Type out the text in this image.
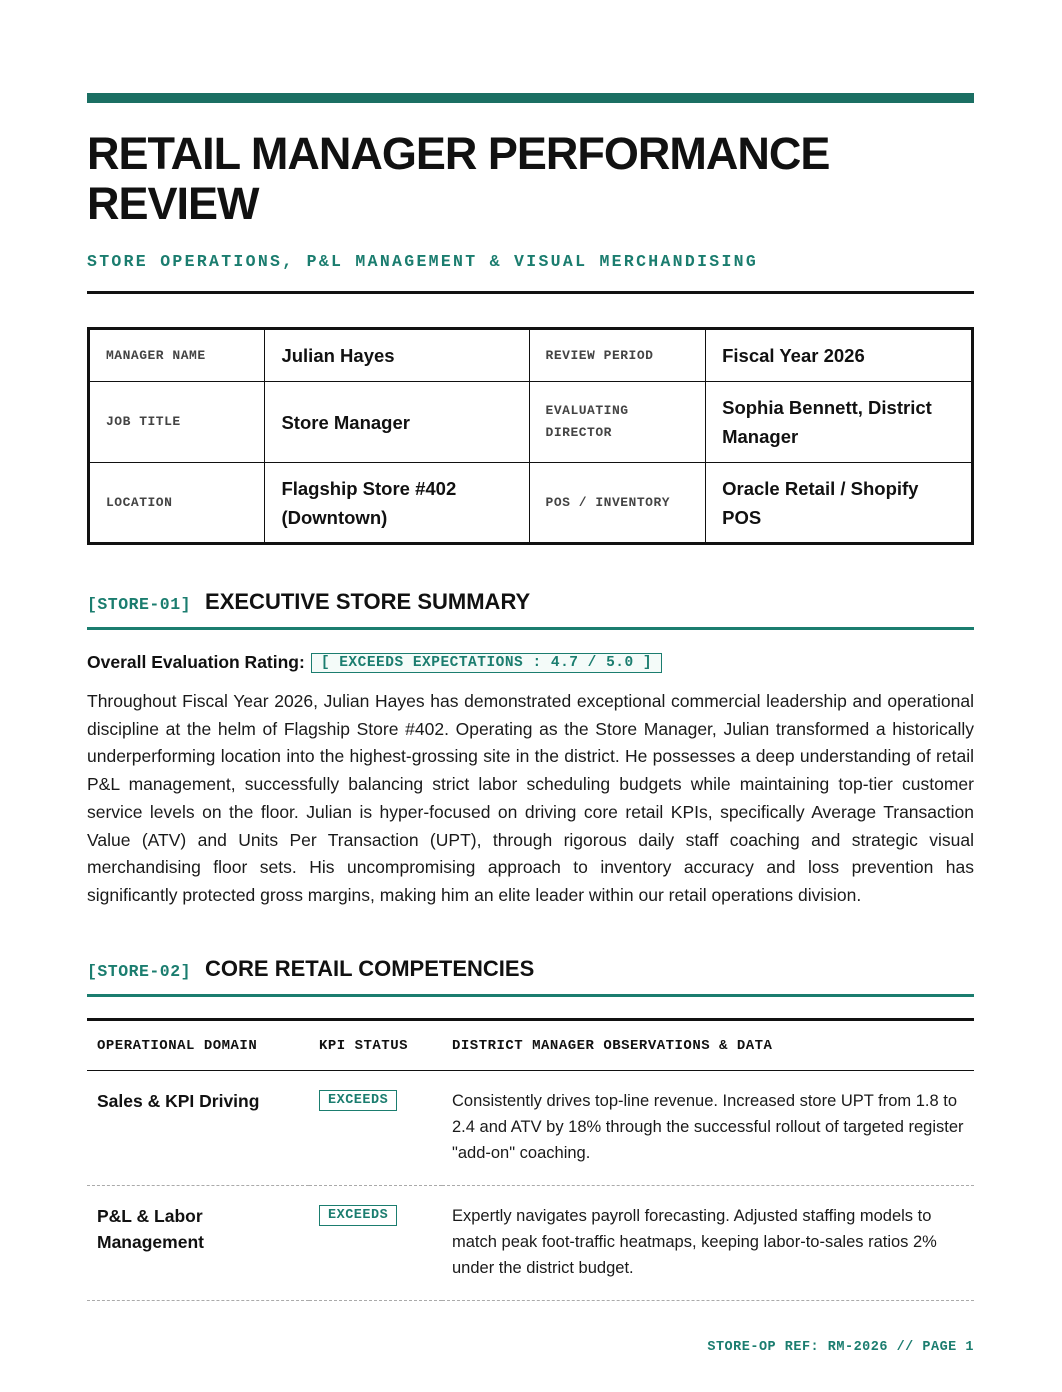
RETAIL MANAGER PERFORMANCE REVIEW
STORE OPERATIONS, P&L MANAGEMENT & VISUAL MERCHANDISING
MANAGER NAME	Julian Hayes	REVIEW PERIOD	Fiscal Year 2026
JOB TITLE	Store Manager	EVALUATING DIRECTOR	Sophia Bennett, District Manager
LOCATION	Flagship Store #402 (Downtown)	POS / INVENTORY	Oracle Retail / Shopify POS
[STORE-01] EXECUTIVE STORE SUMMARY
Overall Evaluation Rating:	[ EXCEEDS EXPECTATIONS : 4.7 / 5.0 ]

Throughout Fiscal Year 2026, Julian Hayes has demonstrated exceptional commercial leadership and operational discipline at the helm of Flagship Store #402. Operating as the Store Manager, Julian transformed a historically underperforming location into the highest-grossing site in the district. He possesses a deep understanding of retail P&L management, successfully balancing strict labor scheduling budgets while maintaining top-tier customer service levels on the floor. Julian is hyper-focused on driving core retail KPIs, specifically Average Transaction Value (ATV) and Units Per Transaction (UPT), through rigorous daily staff coaching and strategic visual merchandising floor sets. His uncompromising approach to inventory accuracy and loss prevention has significantly protected gross margins, making him an elite leader within our retail operations division.

[STORE-02] CORE RETAIL COMPETENCIES
OPERATIONAL DOMAIN	KPI STATUS	DISTRICT MANAGER OBSERVATIONS & DATA
Sales & KPI Driving	EXCEEDS	Consistently drives top-line revenue. Increased store UPT from 1.8 to 2.4 and ATV by 18% through the successful rollout of targeted register "add-on" coaching.
P&L & Labor Management	EXCEEDS	Expertly navigates payroll forecasting. Adjusted staffing models to match peak foot-traffic heatmaps, keeping labor-to-sales ratios 2% under the district budget.
STORE-OP REF: RM-2026 // PAGE 1
